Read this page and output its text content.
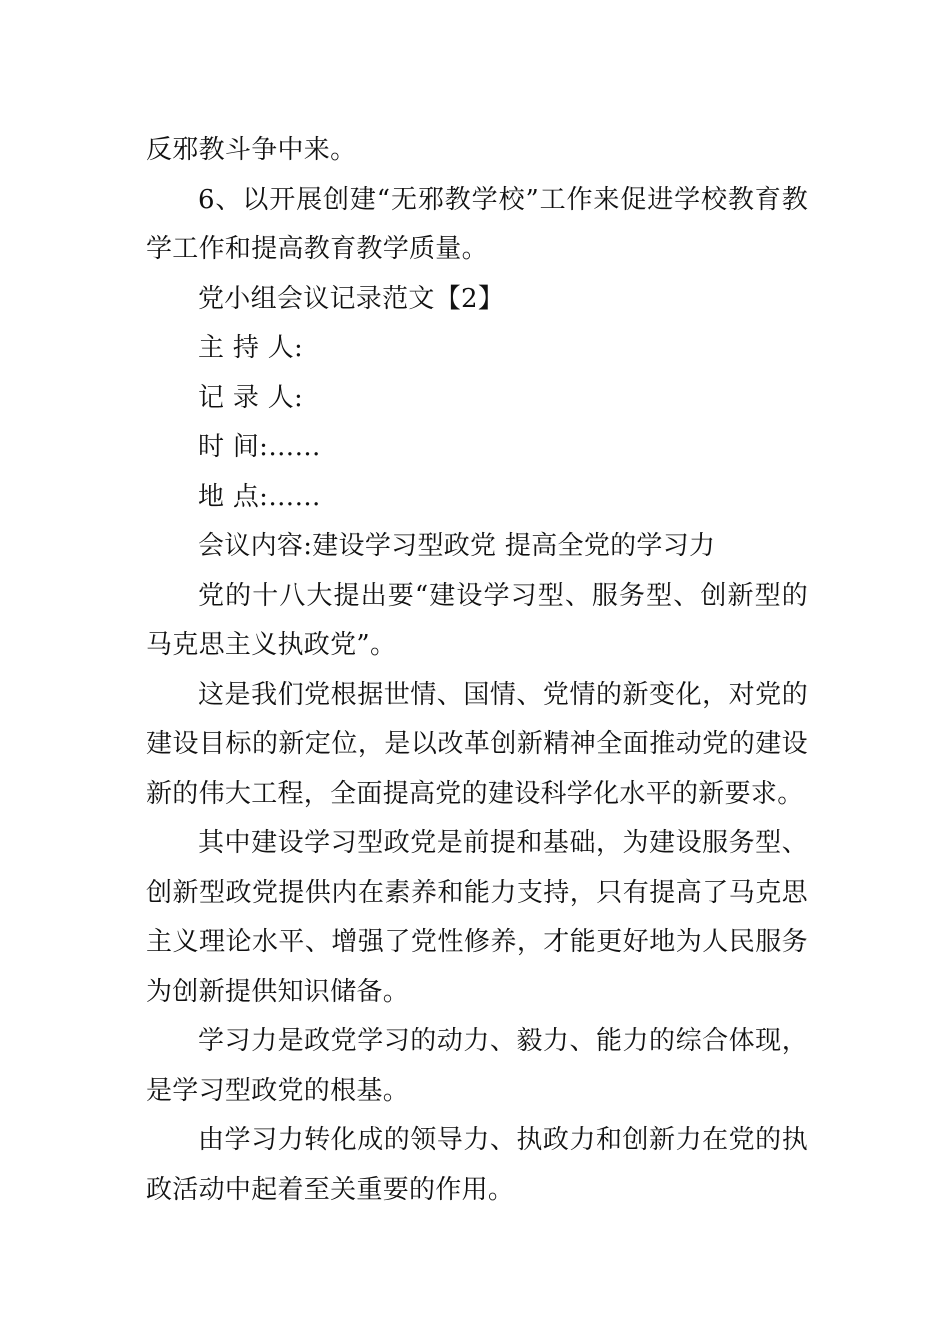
反邪教斗争中来。

6、以开展创建“无邪教学校”工作来促进学校教育教学工作和提高教育教学质量。

党小组会议记录范文【2】

主 持 人:

记 录 人:

时 间:……

地 点:……

会议内容:建设学习型政党 提高全党的学习力

党的十八大提出要“建设学习型、服务型、创新型的马克思主义执政党”。

这是我们党根据世情、国情、党情的新变化，对党的建设目标的新定位，是以改革创新精神全面推动党的建设新的伟大工程，全面提高党的建设科学化水平的新要求。

其中建设学习型政党是前提和基础，为建设服务型、创新型政党提供内在素养和能力支持，只有提高了马克思主义理论水平、增强了党性修养，才能更好地为人民服务为创新提供知识储备。

学习力是政党学习的动力、毅力、能力的综合体现，是学习型政党的根基。

由学习力转化成的领导力、执政力和创新力在党的执政活动中起着至关重要的作用。
